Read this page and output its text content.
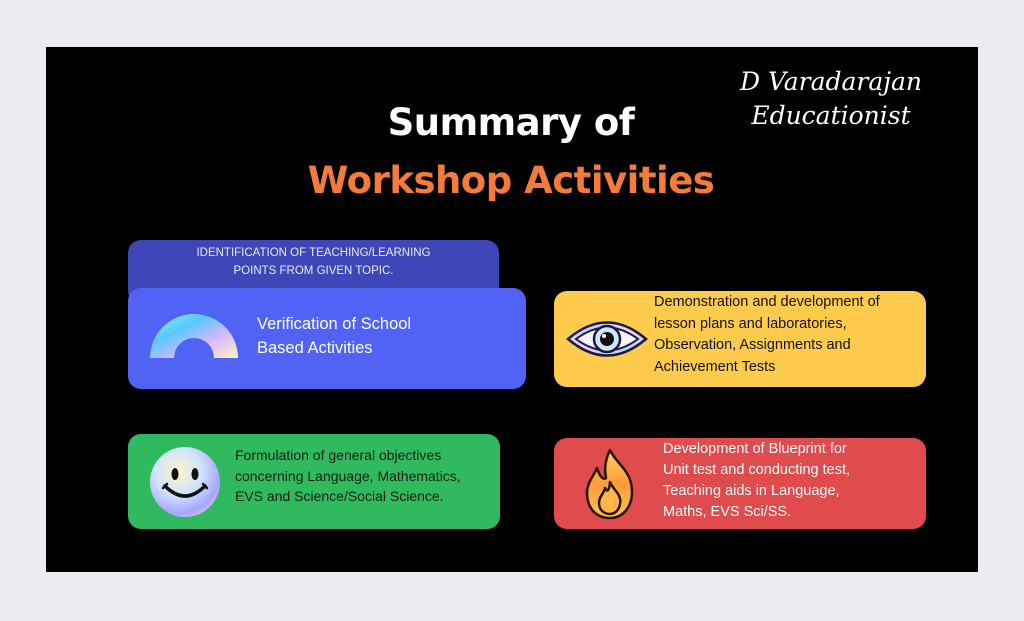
D Varadarajan
Educationist
Summary of
Workshop Activities
IDENTIFICATION OF TEACHING/LEARNING
POINTS FROM GIVEN TOPIC.
Verification of School
Based Activities
Demonstration and development of
lesson plans and laboratories,
Observation, Assignments and
Achievement Tests
Formulation of general objectives
concerning Language, Mathematics,
EVS and Science/Social Science.
Development of Blueprint for
Unit test and conducting test,
Teaching aids in Language,
Maths, EVS Sci/SS.
